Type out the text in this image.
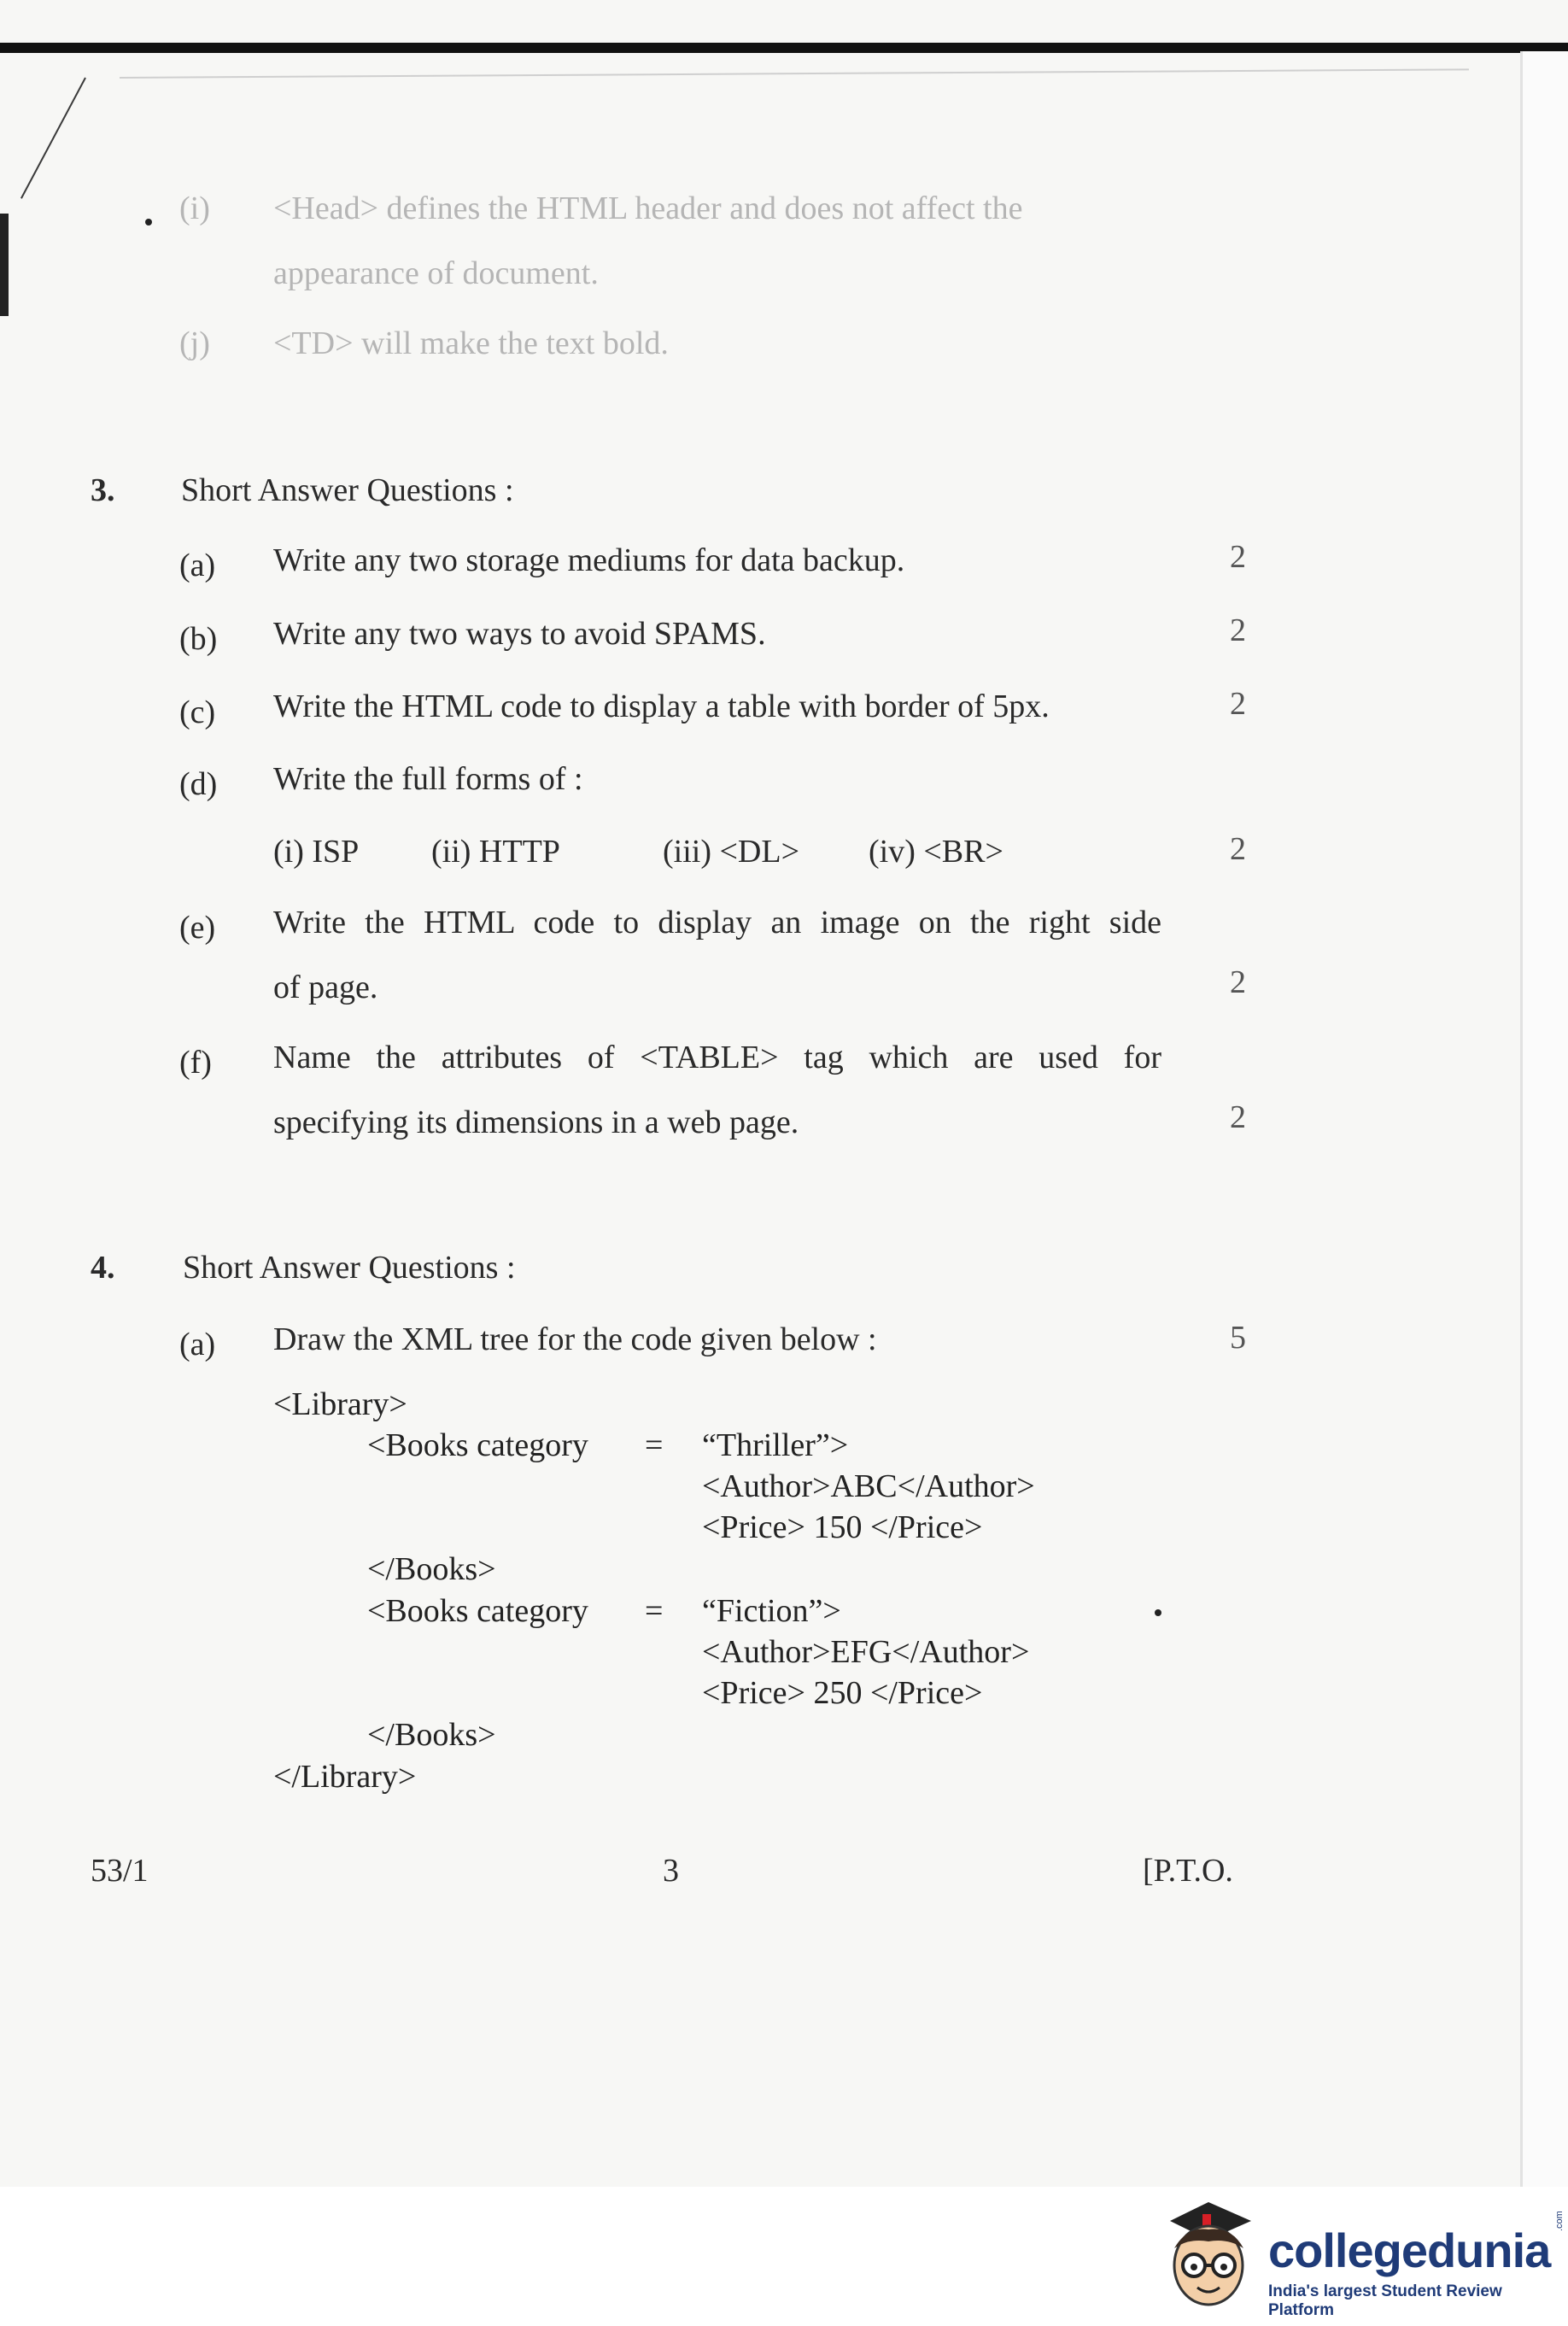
(i) <Head> defines the HTML header and does not affect the
appearance of document.
(j) <TD> will make the text bold.
3. Short Answer Questions :
(a) Write any two storage mediums for data backup.	2
(b) Write any two ways to avoid SPAMS.	2
(c) Write the HTML code to display a table with border of 5px.	2
(d) Write the full forms of :
(i) ISP (ii) HTTP	(iii) <DL> (iv) <BR>	2
(e) Write the HTML code to display an image on the right side
of page.	2
(f) Name the attributes of <TABLE> tag which are used for
specifying its dimensions in a web page.	2
4. Short Answer Questions :
(a) Draw the XML tree for the code given below :	5
<Library>
<Books category = “Thriller”>
<Author>ABC</Author>
<Price> 150 </Price>
</Books>
<Books category = “Fiction”>
<Author>EFG</Author>
<Price> 250 </Price>
</Books>
</Library>
53/1	3	[P.T.O.
collegedunia
.com
India's largest Student Review Platform
